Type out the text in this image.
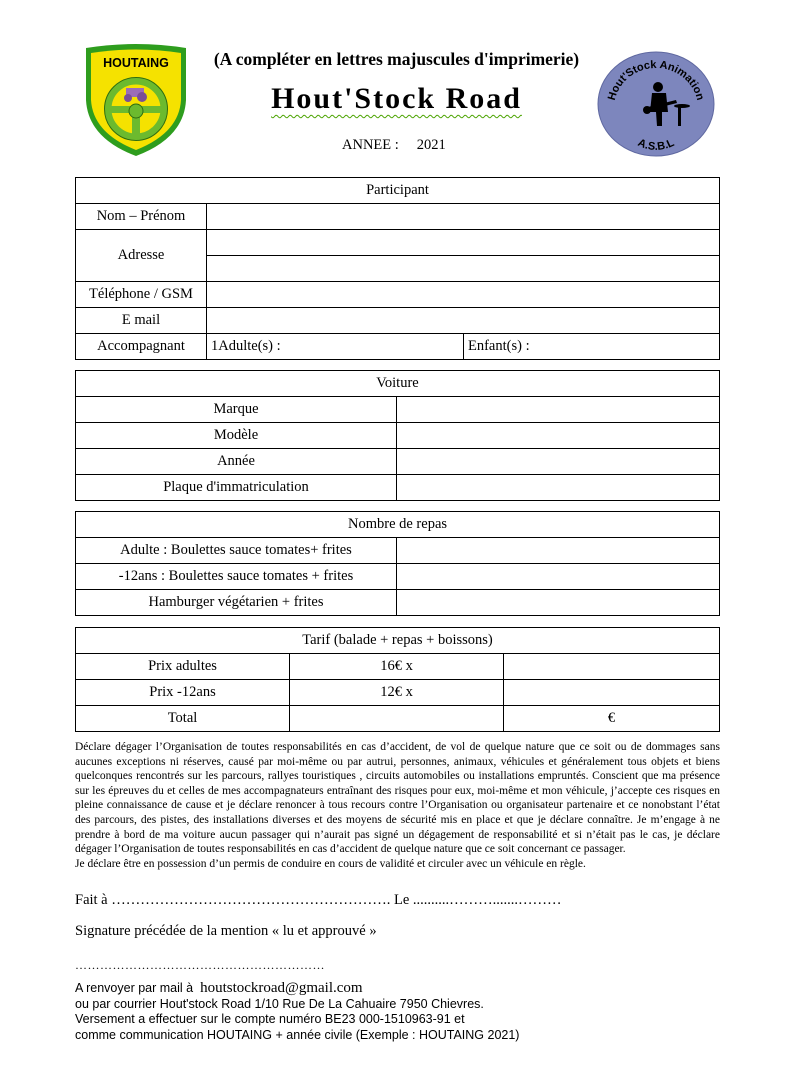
HOUTAING	(A compléter en lettres majuscules d'imprimerie)
Hout'Stock Road
ANNEE : 2021
Hout'Stock Animation
A.S.B.L
Participant		
Nom – Prénom		
Adresse		

Téléphone / GSM		
E mail		
Accompagnant	1Adulte(s) :	Enfant(s) :
Voiture	
Marque	
Modèle	
Année	
Plaque d'immatriculation	
Nombre de repas	
Adulte : Boulettes sauce tomates+ frites	
-12ans : Boulettes sauce tomates + frites	
Hamburger végétarien + frites	
Tarif (balade + repas + boissons)		
Prix adultes	16€ x	
Prix -12ans	12€ x	
Total		€

Déclare dégager l’Organisation de toutes responsabilités en cas d’accident, de vol de quelque nature que ce soit ou de dommages sans aucunes exceptions ni réserves, causé par moi-même ou par autrui, personnes, animaux, véhicules et généralement tous objets et biens quelconques rencontrés sur les parcours, rallyes touristiques , circuits automobiles ou installations empruntés. Conscient que ma présence sur les épreuves du et celles de mes accompagnateurs entraînant des risques pour eux, moi-même et mon véhicule, j’accepte ces risques en pleine connaissance de cause et je déclare renoncer à tous recours contre l’Organisation ou organisateur partenaire et ce nonobstant l’état des parcours, des pistes, des installations diverses et des moyens de sécurité mis en place et que je déclare connaître. Je m’engage à ne prendre à bord de ma voiture aucun passager qui n’aurait pas signé un dégagement de responsabilité et si n’était pas le cas, je déclare dégager l’Organisation de toutes responsabilités en cas d’accident de quelque nature que ce soit concernant ce passager.

Je déclare être en possession d’un permis de conduire en cours de validité et circuler avec un véhicule en règle.

Fait à …………………………………………………. Le ..........……….......………
Signature précédée de la mention « lu et approuvé »
……………………………………………………
A renvoyer par mail à houtstockroad@gmail.com
ou par courrier Hout'stock Road 1/10 Rue De La Cahuaire 7950 Chievres.
Versement a effectuer sur le compte numéro BE23 000-1510963-91 et
comme communication HOUTAING + année civile (Exemple : HOUTAING 2021)
